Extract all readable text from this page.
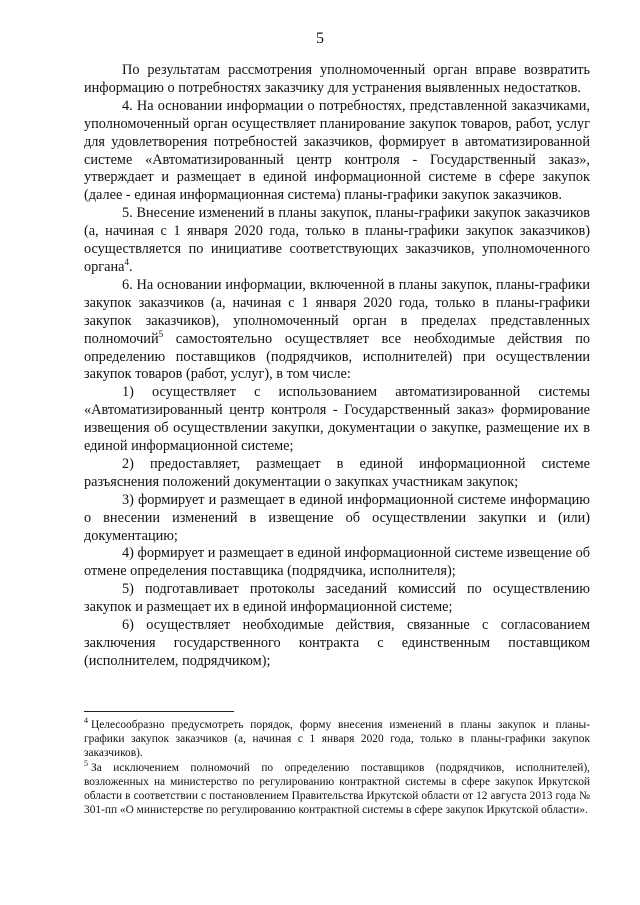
5

По результатам рассмотрения уполномоченный орган вправе возвратить информацию о потребностях заказчику для устранения выявленных недостатков.

4. На основании информации о потребностях, представленной заказчиками, уполномоченный орган осуществляет планирование закупок товаров, работ, услуг для удовлетворения потребностей заказчиков, формирует в автоматизированной системе «Автоматизированный центр контроля - Государственный заказ», утверждает и размещает в единой информационной системе в сфере закупок (далее - единая информационная система) планы-графики закупок заказчиков.

5. Внесение изменений в планы закупок, планы-графики закупок заказчиков (а, начиная с 1 января 2020 года, только в планы-графики закупок заказчиков) осуществляется по инициативе соответствующих заказчиков, уполномоченного органа$^4$.

6. На основании информации, включенной в планы закупок, планы-графики закупок заказчиков (а, начиная с 1 января 2020 года, только в планы-графики закупок заказчиков), уполномоченный орган в пределах представленных полномочий$^5$ самостоятельно осуществляет все необходимые действия по определению поставщиков (подрядчиков, исполнителей) при осуществлении закупок товаров (работ, услуг), в том числе:

1) осуществляет с использованием автоматизированной системы «Автоматизированный центр контроля - Государственный заказ» формирование извещения об осуществлении закупки, документации о закупке, размещение их в единой информационной системе;

2) предоставляет, размещает в единой информационной системе разъяснения положений документации о закупках участникам закупок;

3) формирует и размещает в единой информационной системе информацию о внесении изменений в извещение об осуществлении закупки и (или) документацию;

4) формирует и размещает в единой информационной системе извещение об отмене определения поставщика (подрядчика, исполнителя);

5) подготавливает протоколы заседаний комиссий по осуществлению закупок и размещает их в единой информационной системе;

6) осуществляет необходимые действия, связанные с согласованием заключения государственного контракта с единственным поставщиком (исполнителем, подрядчиком);

$^4$ Целесообразно предусмотреть порядок, форму внесения изменений в планы закупок и планы-графики закупок заказчиков (а, начиная с 1 января 2020 года, только в планы-графики закупок заказчиков).

$^5$ За исключением полномочий по определению поставщиков (подрядчиков, исполнителей), возложенных на министерство по регулированию контрактной системы в сфере закупок Иркутской области в соответствии с постановлением Правительства Иркутской области от 12 августа 2013 года № 301-пп «О министерстве по регулированию контрактной системы в сфере закупок Иркутской области».
